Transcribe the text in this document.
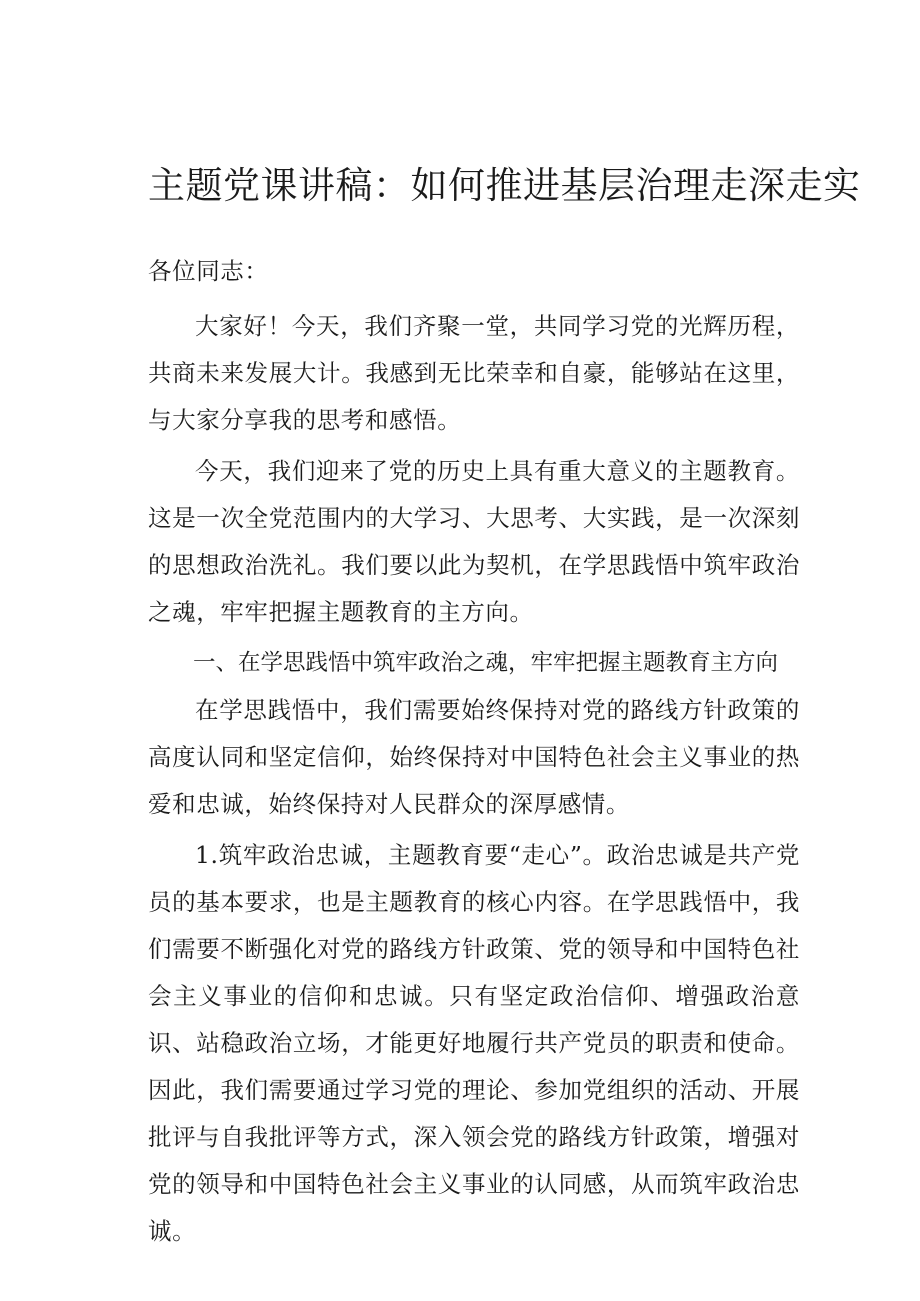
主题党课讲稿：如何推进基层治理走深走实

各位同志：

大家好！今天，我们齐聚一堂，共同学习党的光辉历程，共商未来发展大计。我感到无比荣幸和自豪，能够站在这里，与大家分享我的思考和感悟。

今天，我们迎来了党的历史上具有重大意义的主题教育。这是一次全党范围内的大学习、大思考、大实践，是一次深刻的思想政治洗礼。我们要以此为契机，在学思践悟中筑牢政治之魂，牢牢把握主题教育的主方向。

一、在学思践悟中筑牢政治之魂，牢牢把握主题教育主方向

在学思践悟中，我们需要始终保持对党的路线方针政策的高度认同和坚定信仰，始终保持对中国特色社会主义事业的热爱和忠诚，始终保持对人民群众的深厚感情。

1.筑牢政治忠诚，主题教育要“走心”。政治忠诚是共产党员的基本要求，也是主题教育的核心内容。在学思践悟中，我们需要不断强化对党的路线方针政策、党的领导和中国特色社会主义事业的信仰和忠诚。只有坚定政治信仰、增强政治意识、站稳政治立场，才能更好地履行共产党员的职责和使命。因此，我们需要通过学习党的理论、参加党组织的活动、开展批评与自我批评等方式，深入领会党的路线方针政策，增强对党的领导和中国特色社会主义事业的认同感，从而筑牢政治忠诚。
